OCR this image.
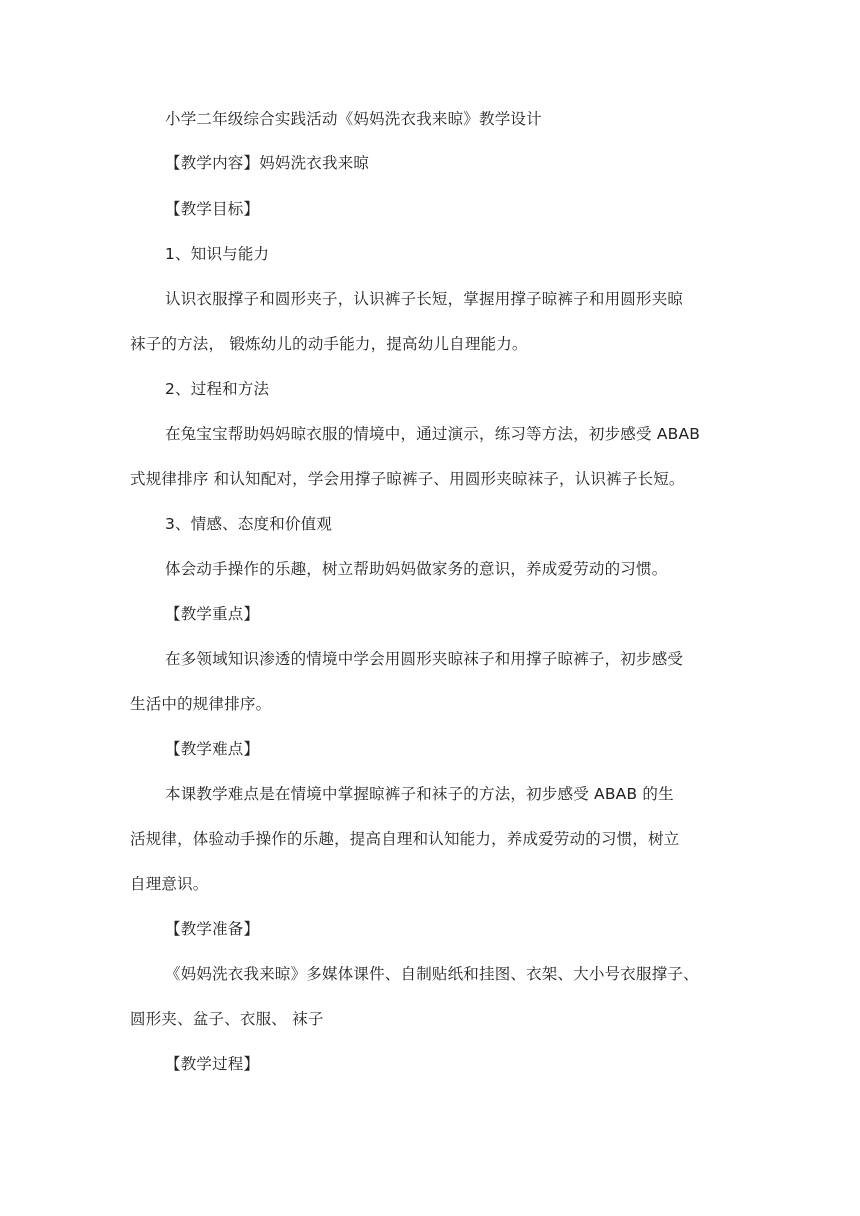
小学二年级综合实践活动《妈妈洗衣我来晾》教学设计
【教学内容】妈妈洗衣我来晾
【教学目标】
1、知识与能力
认识衣服撑子和圆形夹子，认识裤子长短，掌握用撑子晾裤子和用圆形夹晾
袜子的方法， 锻炼幼儿的动手能力，提高幼儿自理能力。
2、过程和方法
在兔宝宝帮助妈妈晾衣服的情境中，通过演示，练习等方法，初步感受 ABAB
式规律排序 和认知配对，学会用撑子晾裤子、用圆形夹晾袜子，认识裤子长短。
3、情感、态度和价值观
体会动手操作的乐趣，树立帮助妈妈做家务的意识，养成爱劳动的习惯。
【教学重点】
在多领域知识渗透的情境中学会用圆形夹晾袜子和用撑子晾裤子，初步感受
生活中的规律排序。
【教学难点】
本课教学难点是在情境中掌握晾裤子和袜子的方法，初步感受 ABAB 的生
活规律，体验动手操作的乐趣，提高自理和认知能力，养成爱劳动的习惯，树立
自理意识。
【教学准备】
《妈妈洗衣我来晾》多媒体课件、自制贴纸和挂图、衣架、大小号衣服撑子、
圆形夹、盆子、衣服、 袜子
【教学过程】
